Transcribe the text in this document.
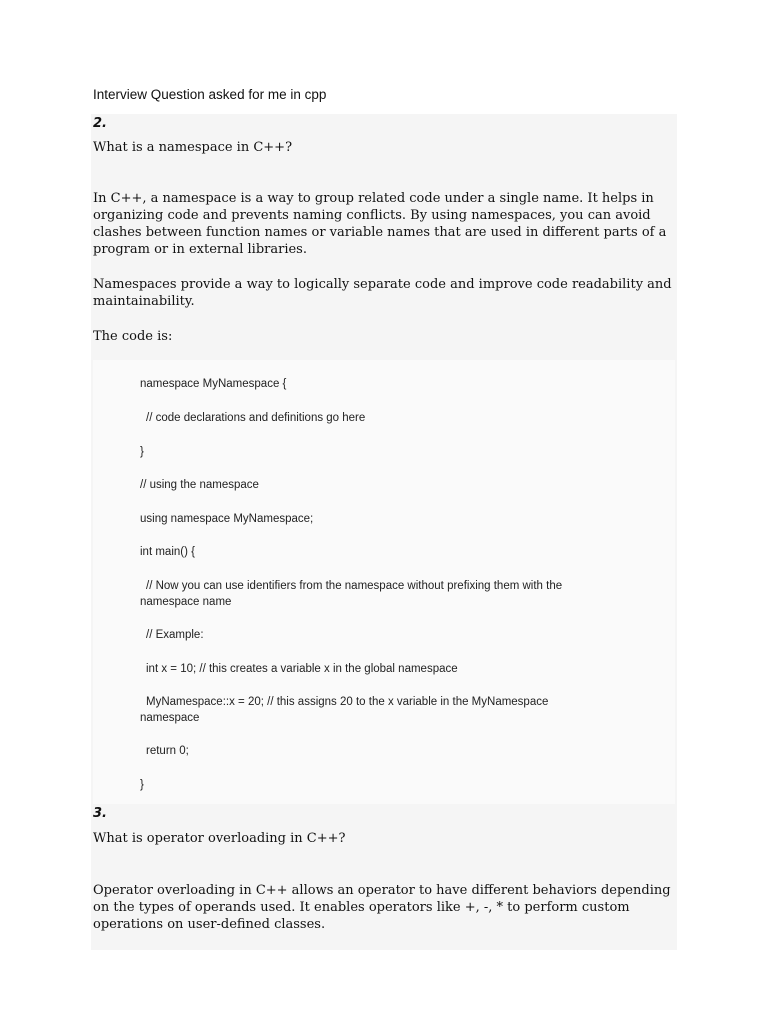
Interview Question asked for me in cpp
2.
What is a namespace in C++?
In C++, a namespace is a way to group related code under a single name. It helps in organizing code and prevents naming conflicts. By using namespaces, you can avoid clashes between function names or variable names that are used in different parts of a program or in external libraries.
Namespaces provide a way to logically separate code and improve code readability and maintainability.
The code is:
namespace MyNamespace {
// code declarations and definitions go here
}
// using the namespace
using namespace MyNamespace;
int main() {
// Now you can use identifiers from the namespace without prefixing them with the namespace name
// Example:
int x = 10; // this creates a variable x in the global namespace
MyNamespace::x = 20; // this assigns 20 to the x variable in the MyNamespace namespace
return 0;
}
3.
What is operator overloading in C++?
Operator overloading in C++ allows an operator to have different behaviors depending on the types of operands used. It enables operators like +, -, * to perform custom operations on user-defined classes.
